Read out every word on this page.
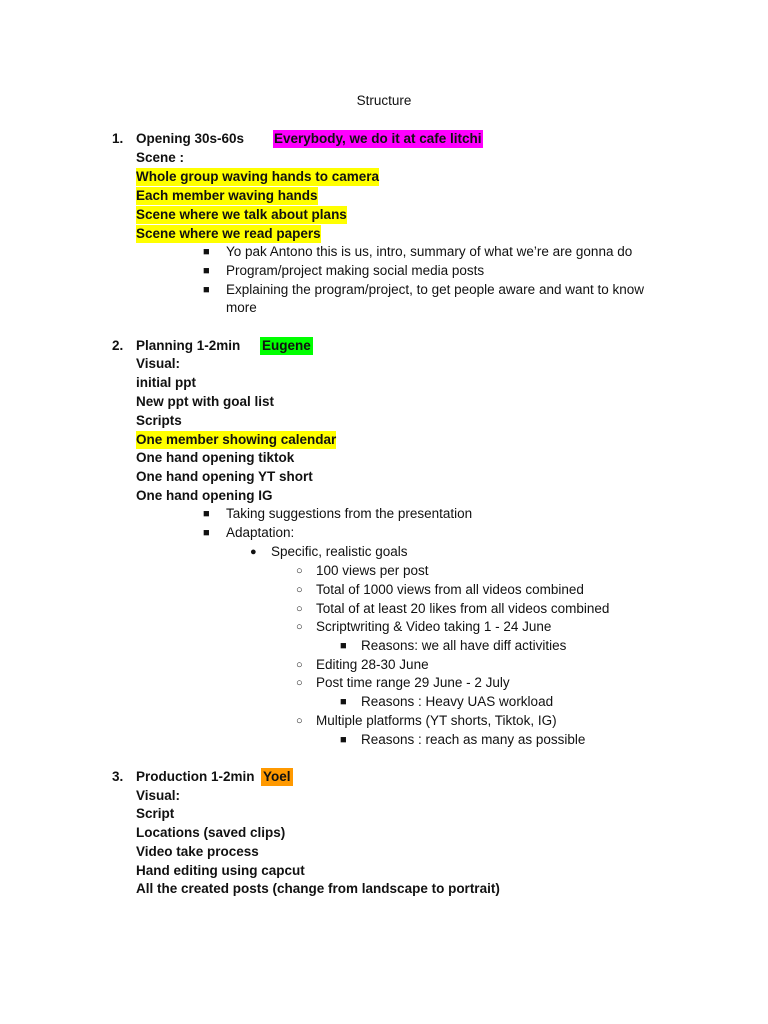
Structure
1. Opening 30s-60s Everybody, we do it at cafe litchi
Scene :
Whole group waving hands to camera
Each member waving hands
Scene where we talk about plans
Scene where we read papers
■ Yo pak Antono this is us, intro, summary of what we’re are gonna do
■ Program/project making social media posts
■ Explaining the program/project, to get people aware and want to know
more
2. Planning 1-2min Eugene
Visual:
initial ppt
New ppt with goal list
Scripts
One member showing calendar
One hand opening tiktok
One hand opening YT short
One hand opening IG
■ Taking suggestions from the presentation
■ Adaptation:
● Specific, realistic goals
○ 100 views per post
○ Total of 1000 views from all videos combined
○ Total of at least 20 likes from all videos combined
○ Scriptwriting & Video taking 1 - 24 June
■ Reasons: we all have diff activities
○ Editing 28-30 June
○ Post time range 29 June - 2 July
■ Reasons : Heavy UAS workload
○ Multiple platforms (YT shorts, Tiktok, IG)
■ Reasons : reach as many as possible
3. Production 1-2min Yoel
Visual:
Script
Locations (saved clips)
Video take process
Hand editing using capcut
All the created posts (change from landscape to portrait)
